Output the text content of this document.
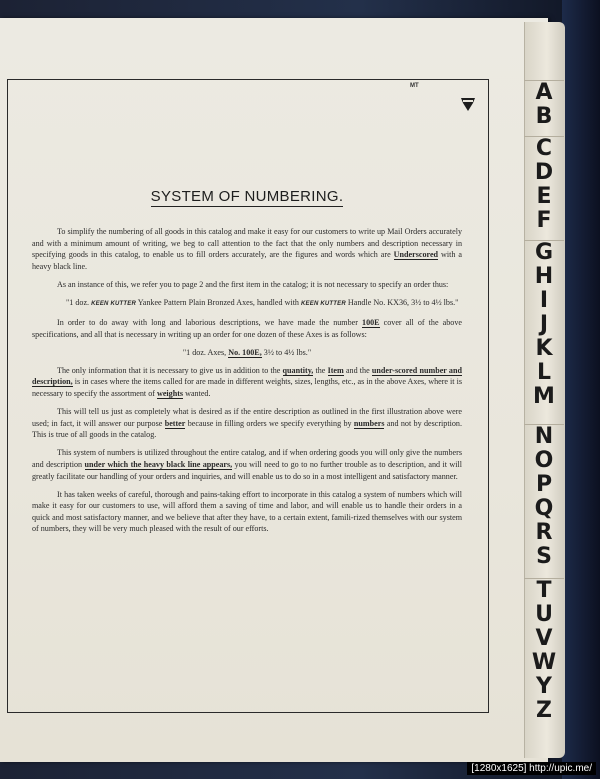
A
B
C
D
E
F
G
H
I
J
K
L
M
N
O
P
Q
R
S
T
U
V
W
Y
Z
MT
SYSTEM OF NUMBERING.

To simplify the numbering of all goods in this catalog and make it easy for our customers to write up Mail Orders accurately and with a minimum amount of writing, we beg to call attention to the fact that the only numbers and description necessary in specifying goods in this catalog, to enable us to fill orders accurately, are the figures and words which are Underscored with a heavy black line.

As an instance of this, we refer you to page 2 and the first item in the catalog; it is not necessary to specify an order thus:

"1 doz. KEEN KUTTER Yankee Pattern Plain Bronzed Axes, handled with KEEN KUTTER Handle No. KX36, 3½ to 4½ lbs."

In order to do away with long and laborious descriptions, we have made the number 100E cover all of the above specifications, and all that is necessary in writing up an order for one dozen of these Axes is as follows:

"1 doz. Axes, No. 100E, 3½ to 4½ lbs."

The only information that it is necessary to give us in addition to the quantity, the Item and the under-scored number and description, is in cases where the items called for are made in different weights, sizes, lengths, etc., as in the above Axes, where it is necessary to specify the assortment of weights wanted.

This will tell us just as completely what is desired as if the entire description as outlined in the first illustration above were used; in fact, it will answer our purpose better because in filling orders we specify everything by numbers and not by description. This is true of all goods in the catalog.

This system of numbers is utilized throughout the entire catalog, and if when ordering goods you will only give the numbers and description under which the heavy black line appears, you will need to go to no further trouble as to description, and it will greatly facilitate our handling of your orders and inquiries, and will enable us to do so in a most intelligent and satisfactory manner.

It has taken weeks of careful, thorough and pains-taking effort to incorporate in this catalog a system of numbers which will make it easy for our customers to use, will afford them a saving of time and labor, and will enable us to handle their orders in a quick and most satisfactory manner, and we believe that after they have, to a certain extent, famili-rized themselves with our system of numbers, they will be very much pleased with the result of our efforts.

[1280x1625] http://upic.me/
